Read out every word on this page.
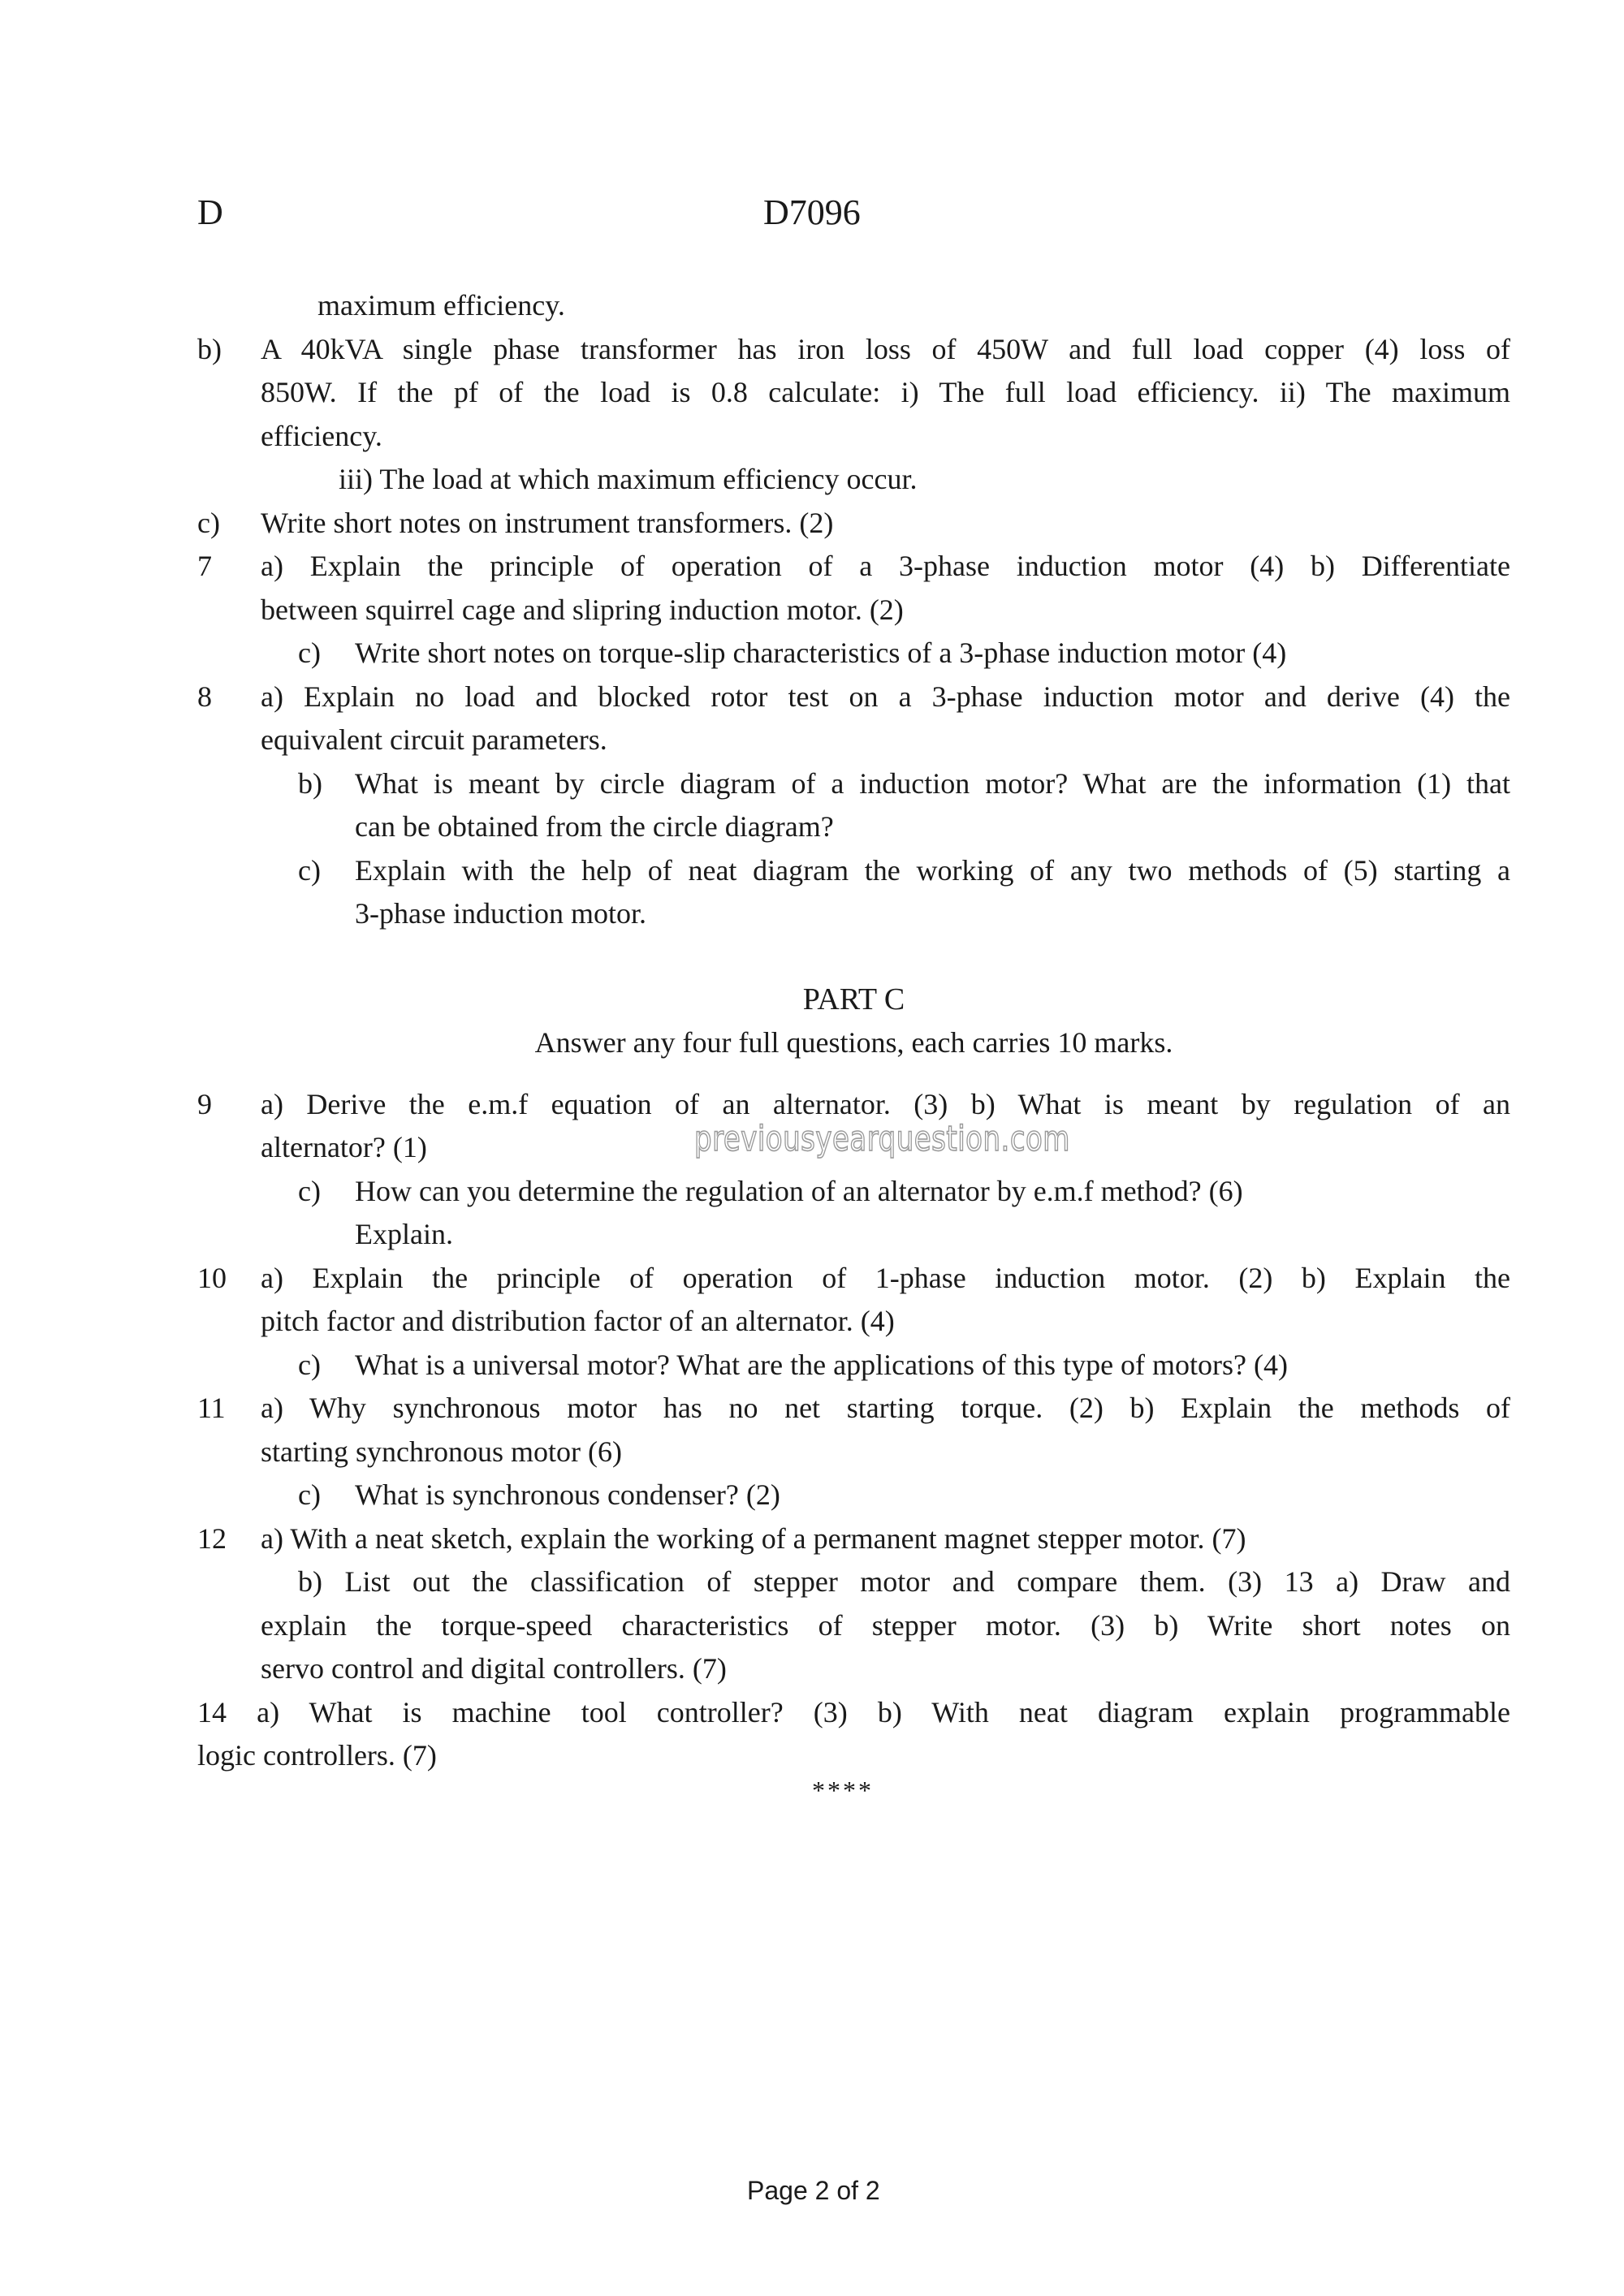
D	D7096
maximum efficiency.
b)	A 40kVA single phase transformer has iron loss of 450W and full load copper (4) loss of
850W. If the pf of the load is 0.8 calculate: i) The full load efficiency. ii) The maximum
efficiency.
iii) The load at which maximum efficiency occur.
c)	Write short notes on instrument transformers. (2)
7	a) Explain the principle of operation of a 3-phase induction motor (4) b) Differentiate
between squirrel cage and slipring induction motor. (2)
c)	Write short notes on torque-slip characteristics of a 3-phase induction motor (4)
8	a) Explain no load and blocked rotor test on a 3-phase induction motor and derive (4) the
equivalent circuit parameters.
b)	What is meant by circle diagram of a induction motor? What are the information (1) that
can be obtained from the circle diagram?
c)	Explain with the help of neat diagram the working of any two methods of (5) starting a
3-phase induction motor.
PART C
Answer any four full questions, each carries 10 marks.
9	a) Derive the e.m.f equation of an alternator. (3) b) What is meant by regulation of an
alternator? (1)
c)	How can you determine the regulation of an alternator by e.m.f method? (6)
Explain.
10	a) Explain the principle of operation of 1-phase induction motor. (2) b) Explain the
pitch factor and distribution factor of an alternator. (4)
c)	What is a universal motor? What are the applications of this type of motors? (4)
11	a) Why synchronous motor has no net starting torque. (2) b) Explain the methods of
starting synchronous motor (6)
c)	What is synchronous condenser? (2)
12	a) With a neat sketch, explain the working of a permanent magnet stepper motor. (7)
b) List out the classification of stepper motor and compare them. (3) 13 a) Draw and
explain the torque-speed characteristics of stepper motor. (3) b) Write short notes on
servo control and digital controllers. (7)
14 a) What is machine tool controller? (3) b) With neat diagram explain programmable
logic controllers. (7)
previousyearquestion.com
****
Page 2 of 2
